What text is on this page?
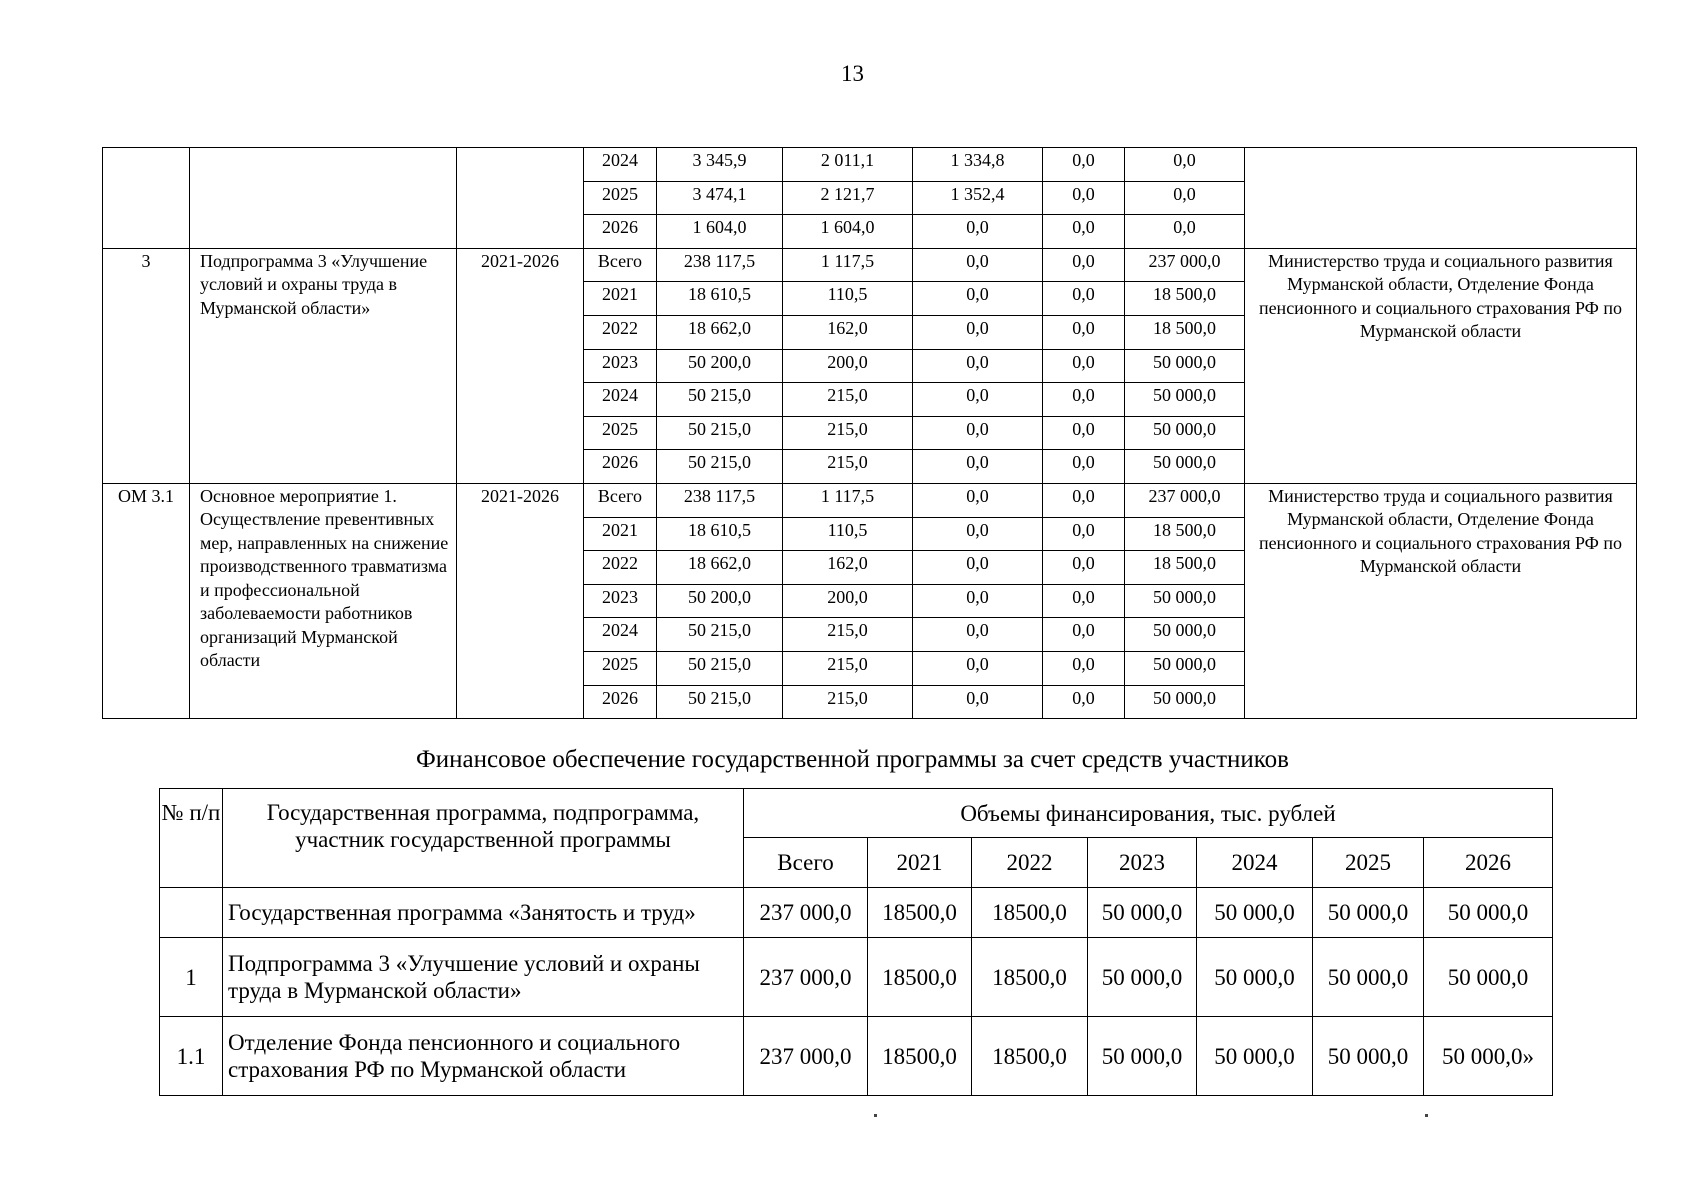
13
			2024	3 345,9	2 011,1	1 334,8	0,0	0,0	
			2025	3 474,1	2 121,7	1 352,4	0,0	0,0	
			2026	1 604,0	1 604,0	0,0	0,0	0,0	
3	Подпрограмма 3 «Улучшение условий и охраны труда в Мурманской области»	2021-2026	Всего	238 117,5	1 117,5	0,0	0,0	237 000,0	Министерство труда и социального развития Мурманской области, Отделение Фонда пенсионного и социального страхования РФ по Мурманской области
			2021	18 610,5	110,5	0,0	0,0	18 500,0	
			2022	18 662,0	162,0	0,0	0,0	18 500,0	
			2023	50 200,0	200,0	0,0	0,0	50 000,0	
			2024	50 215,0	215,0	0,0	0,0	50 000,0	
			2025	50 215,0	215,0	0,0	0,0	50 000,0	
			2026	50 215,0	215,0	0,0	0,0	50 000,0	
ОМ 3.1	Основное мероприятие 1. Осуществление превентивных мер, направленных на снижение производственного травматизма и профессиональной заболеваемости работников организаций Мурманской области	2021-2026	Всего	238 117,5	1 117,5	0,0	0,0	237 000,0	Министерство труда и социального развития Мурманской области, Отделение Фонда пенсионного и социального страхования РФ по Мурманской области
			2021	18 610,5	110,5	0,0	0,0	18 500,0	
			2022	18 662,0	162,0	0,0	0,0	18 500,0	
			2023	50 200,0	200,0	0,0	0,0	50 000,0	
			2024	50 215,0	215,0	0,0	0,0	50 000,0	
			2025	50 215,0	215,0	0,0	0,0	50 000,0	
			2026	50 215,0	215,0	0,0	0,0	50 000,0	
Финансовое обеспечение государственной программы за счет средств участников
№ п/п	Государственная программа, подпрограмма, участник государственной программы	Объемы финансирования, тыс. рублей						
		Всего	2021	2022	2023	2024	2025	2026
	Государственная программа «Занятость и труд»	237 000,0	18500,0	18500,0	50 000,0	50 000,0	50 000,0	50 000,0
1	Подпрограмма 3 «Улучшение условий и охраны труда в Мурманской области»	237 000,0	18500,0	18500,0	50 000,0	50 000,0	50 000,0	50 000,0
1.1	Отделение Фонда пенсионного и социального страхования РФ по Мурманской области	237 000,0	18500,0	18500,0	50 000,0	50 000,0	50 000,0	50 000,0»
